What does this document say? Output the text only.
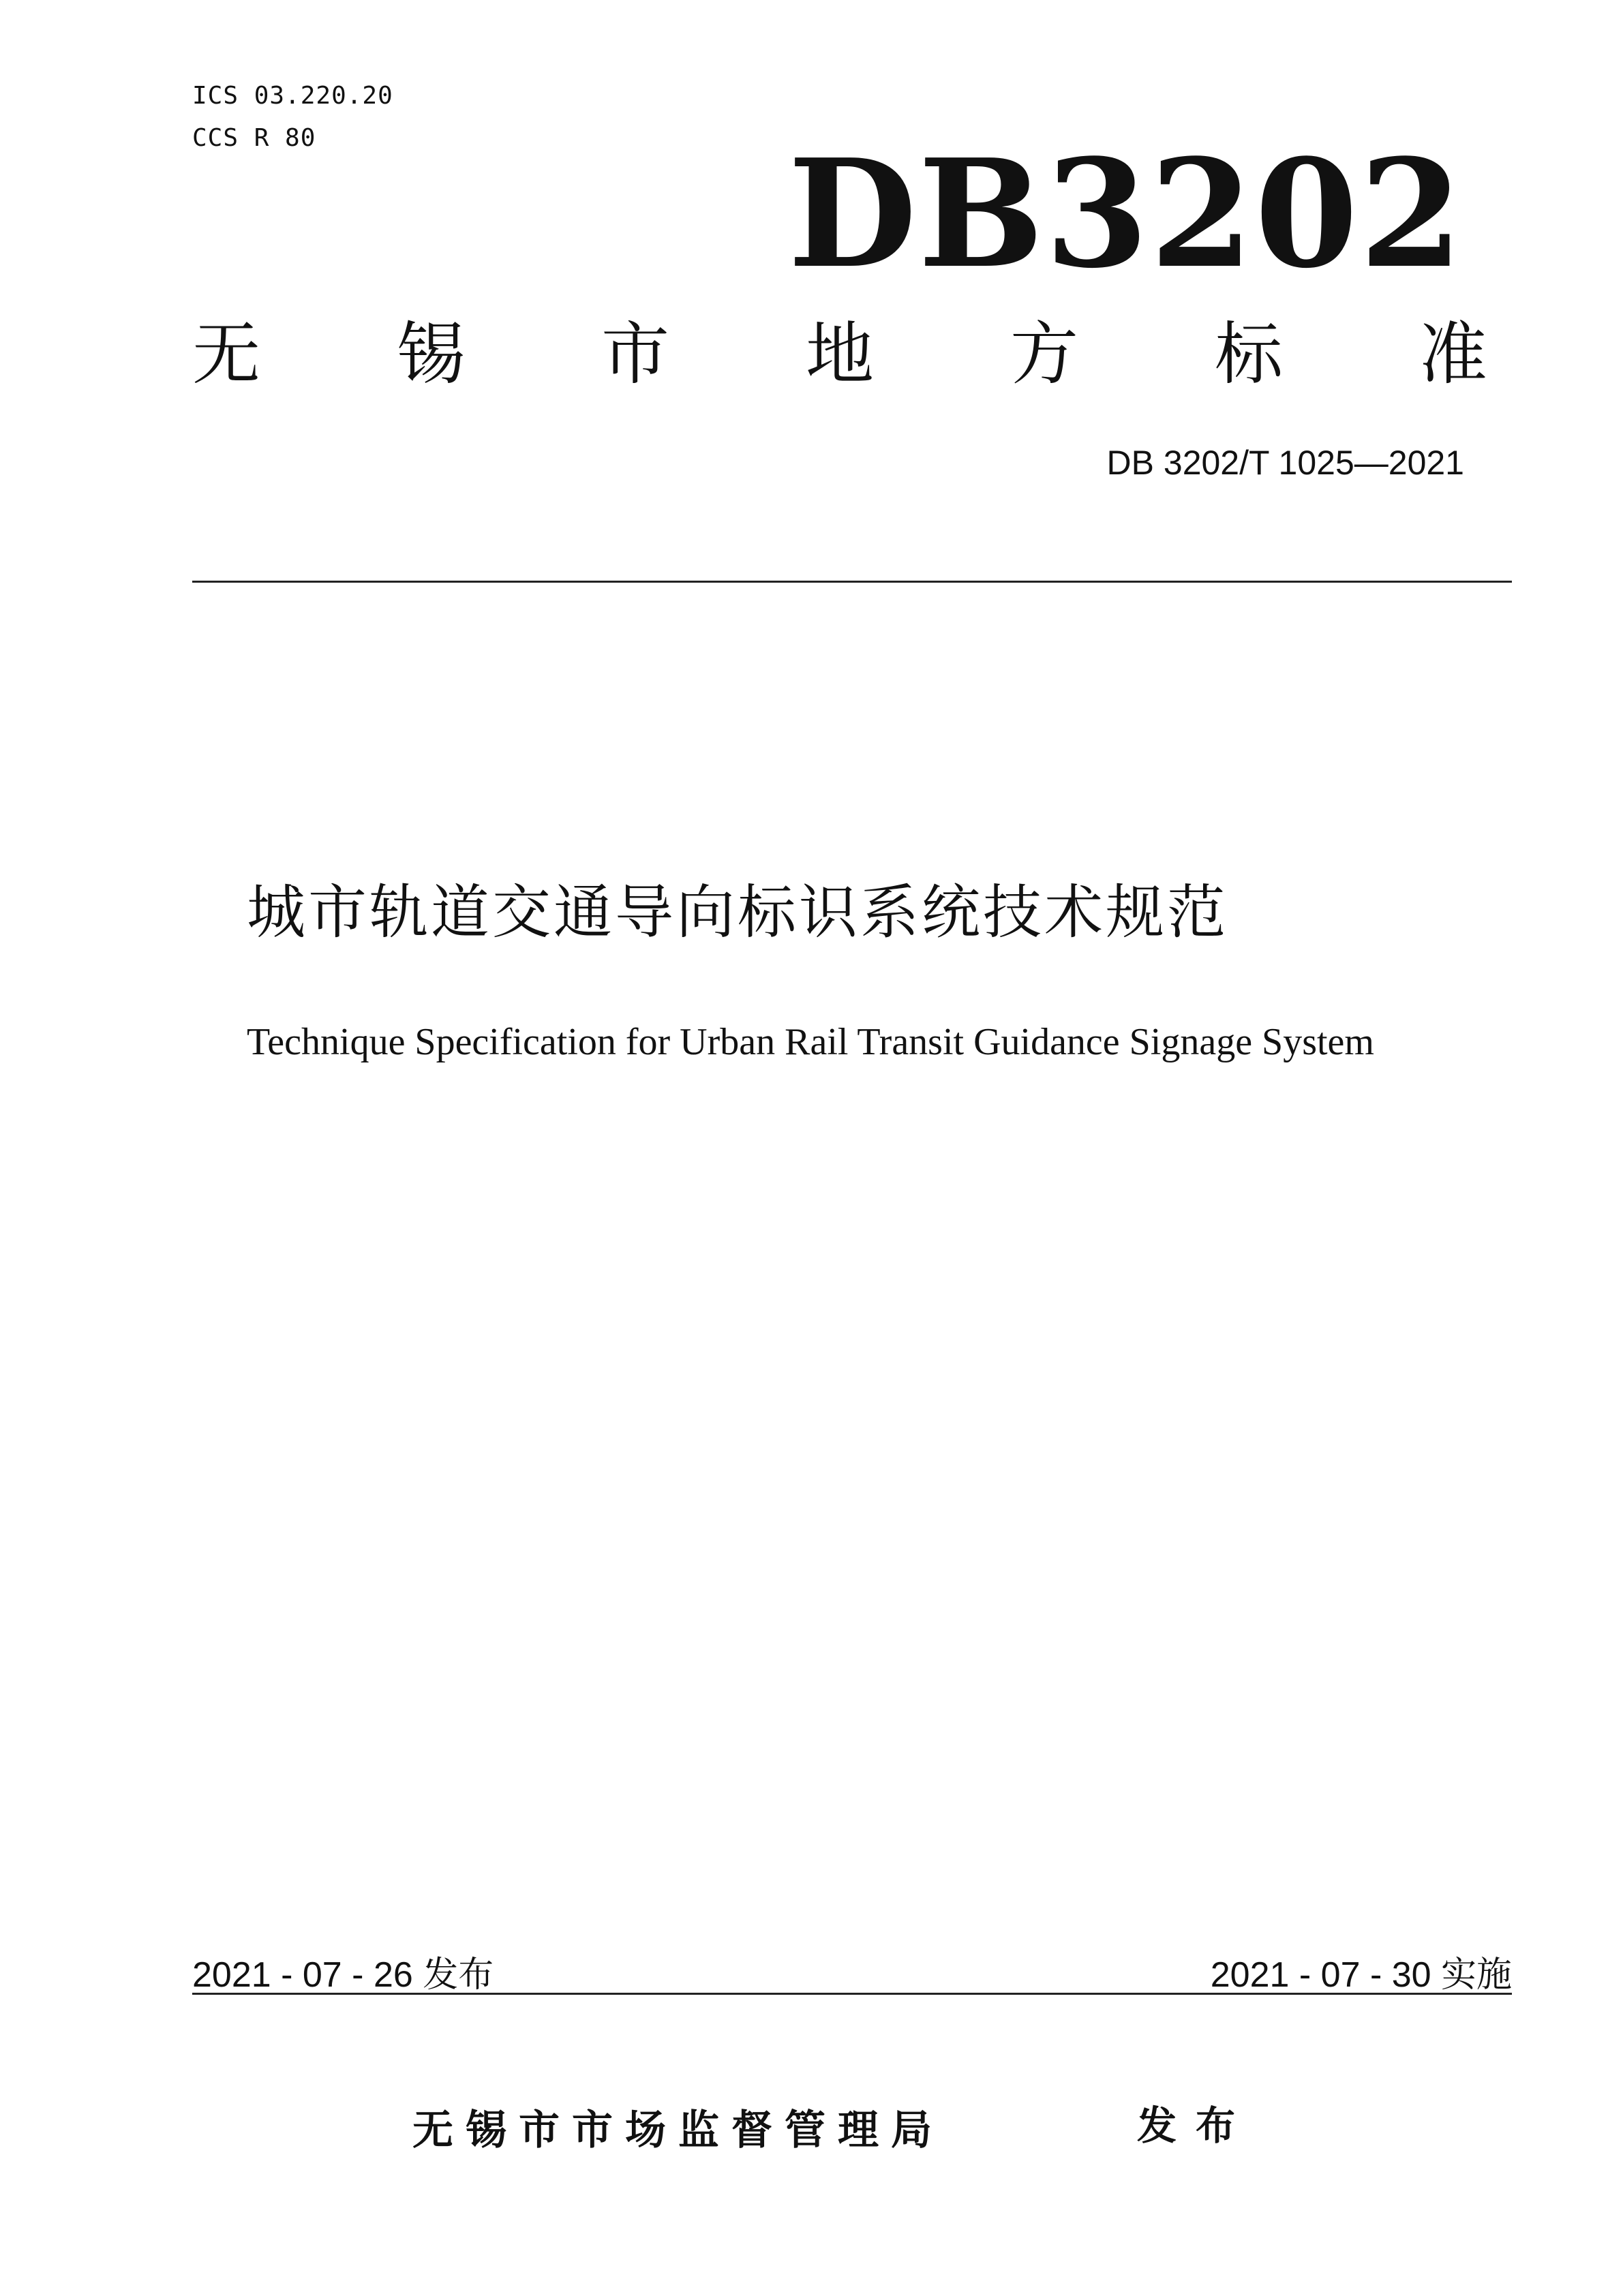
ICS 03.220.20
CCS R 80	DB3202
无 锡 市 地 方 标 准
DB 3202/T 1025—2021
城市轨道交通导向标识系统技术规范
Technique Specification for Urban Rail Transit Guidance Signage System
2021 - 07 - 26 发布	2021 - 07 - 30 实施
无锡市市场监督管理局	发布
